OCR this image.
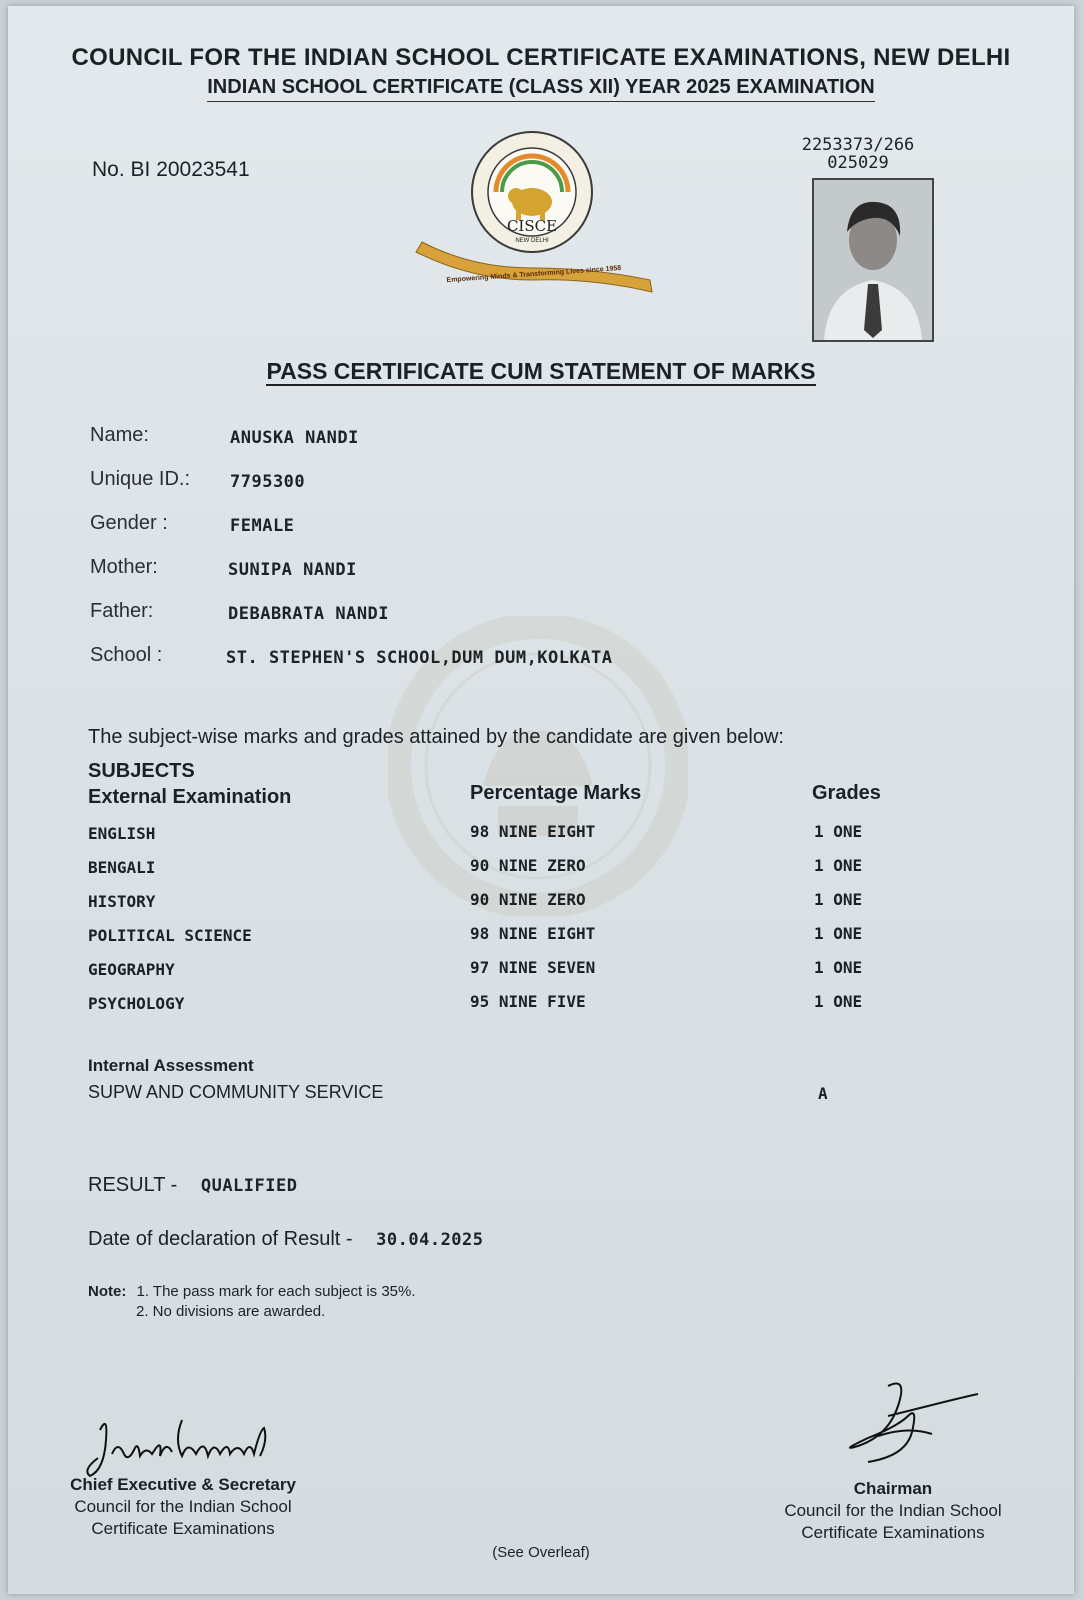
COUNCIL FOR THE INDIAN SCHOOL CERTIFICATE EXAMINATIONS, NEW DELHI
INDIAN SCHOOL CERTIFICATE (CLASS XII) YEAR 2025 EXAMINATION
No. BI 20023541
2253373/266
025029
CISCE
NEW DELHI
Empowering Minds & Transforming Lives since 1958
PASS CERTIFICATE CUM STATEMENT OF MARKS
Name:	ANUSKA NANDI
Unique ID.: 7795300
Gender :	FEMALE
Mother:	SUNIPA NANDI
Father:	DEBABRATA NANDI
School :	ST. STEPHEN'S SCHOOL,DUM DUM,KOLKATA
The subject-wise marks and grades attained by the candidate are given below:
SUBJECTS
External Examination	Percentage Marks	Grades
ENGLISH	98 NINE EIGHT	1 ONE
BENGALI	90 NINE ZERO	1 ONE
HISTORY	90 NINE ZERO	1 ONE
POLITICAL SCIENCE	98 NINE EIGHT	1 ONE
GEOGRAPHY	97 NINE SEVEN	1 ONE
PSYCHOLOGY	95 NINE FIVE	1 ONE
Internal Assessment
SUPW AND COMMUNITY SERVICE	A
RESULT - QUALIFIED
Date of declaration of Result - 30.04.2025
Note: 1. The pass mark for each subject is 35%.
2. No divisions are awarded.
Chief Executive & Secretary
Council for the Indian School
Certificate Examinations
Chairman
Council for the Indian School
Certificate Examinations
(See Overleaf)
